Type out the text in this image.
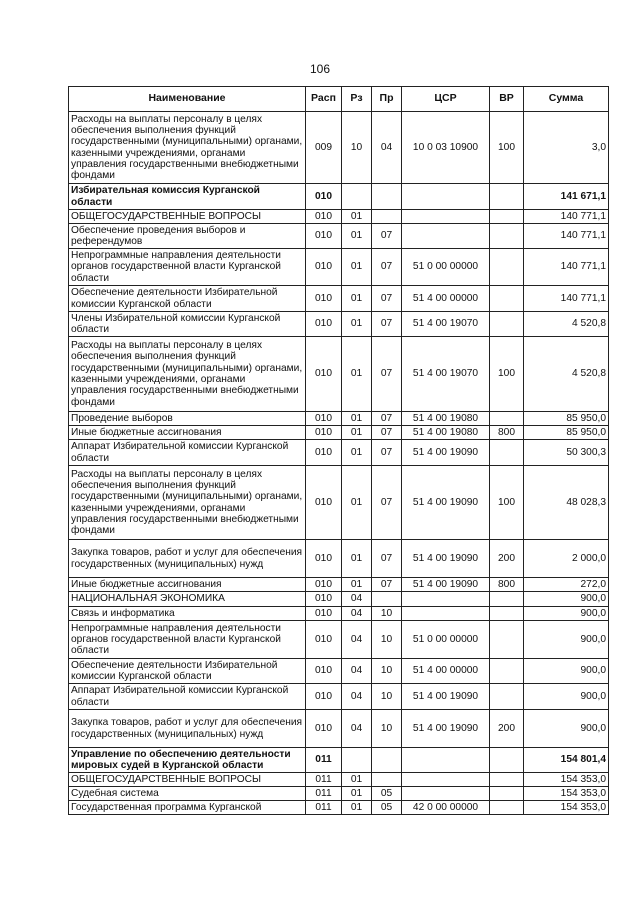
106
Наименование	Расп	Рз	Пр	ЦСР	ВР	Сумма
Расходы на выплаты персоналу в целях обеспечения выполнения функций государственными (муниципальными) органами, казенными учреждениями, органами управления государственными внебюджетными фондами	009	10	04	10 0 03 10900	100	3,0
Избирательная комиссия Курганской области	010					141 671,1
ОБЩЕГОСУДАРСТВЕННЫЕ ВОПРОСЫ	010	01				140 771,1
Обеспечение проведения выборов и референдумов	010	01	07			140 771,1
Непрограммные направления деятельности органов государственной власти Курганской области	010	01	07	51 0 00 00000		140 771,1
Обеспечение деятельности Избирательной комиссии Курганской области	010	01	07	51 4 00 00000		140 771,1
Члены Избирательной комиссии Курганской области	010	01	07	51 4 00 19070		4 520,8
Расходы на выплаты персоналу в целях обеспечения выполнения функций государственными (муниципальными) органами, казенными учреждениями, органами управления государственными внебюджетными фондами	010	01	07	51 4 00 19070	100	4 520,8
Проведение выборов	010	01	07	51 4 00 19080		85 950,0
Иные бюджетные ассигнования	010	01	07	51 4 00 19080	800	85 950,0
Аппарат Избирательной комиссии Курганской области	010	01	07	51 4 00 19090		50 300,3
Расходы на выплаты персоналу в целях обеспечения выполнения функций государственными (муниципальными) органами, казенными учреждениями, органами управления государственными внебюджетными фондами	010	01	07	51 4 00 19090	100	48 028,3
Закупка товаров, работ и услуг для обеспечения государственных (муниципальных) нужд	010	01	07	51 4 00 19090	200	2 000,0
Иные бюджетные ассигнования	010	01	07	51 4 00 19090	800	272,0
НАЦИОНАЛЬНАЯ ЭКОНОМИКА	010	04				900,0
Связь и информатика	010	04	10			900,0
Непрограммные направления деятельности органов государственной власти Курганской области	010	04	10	51 0 00 00000		900,0
Обеспечение деятельности Избирательной комиссии Курганской области	010	04	10	51 4 00 00000		900,0
Аппарат Избирательной комиссии Курганской области	010	04	10	51 4 00 19090		900,0
Закупка товаров, работ и услуг для обеспечения государственных (муниципальных) нужд	010	04	10	51 4 00 19090	200	900,0
Управление по обеспечению деятельности мировых судей в Курганской области	011					154 801,4
ОБЩЕГОСУДАРСТВЕННЫЕ ВОПРОСЫ	011	01				154 353,0
Судебная система	011	01	05			154 353,0
Государственная программа Курганской	011	01	05	42 0 00 00000		154 353,0
